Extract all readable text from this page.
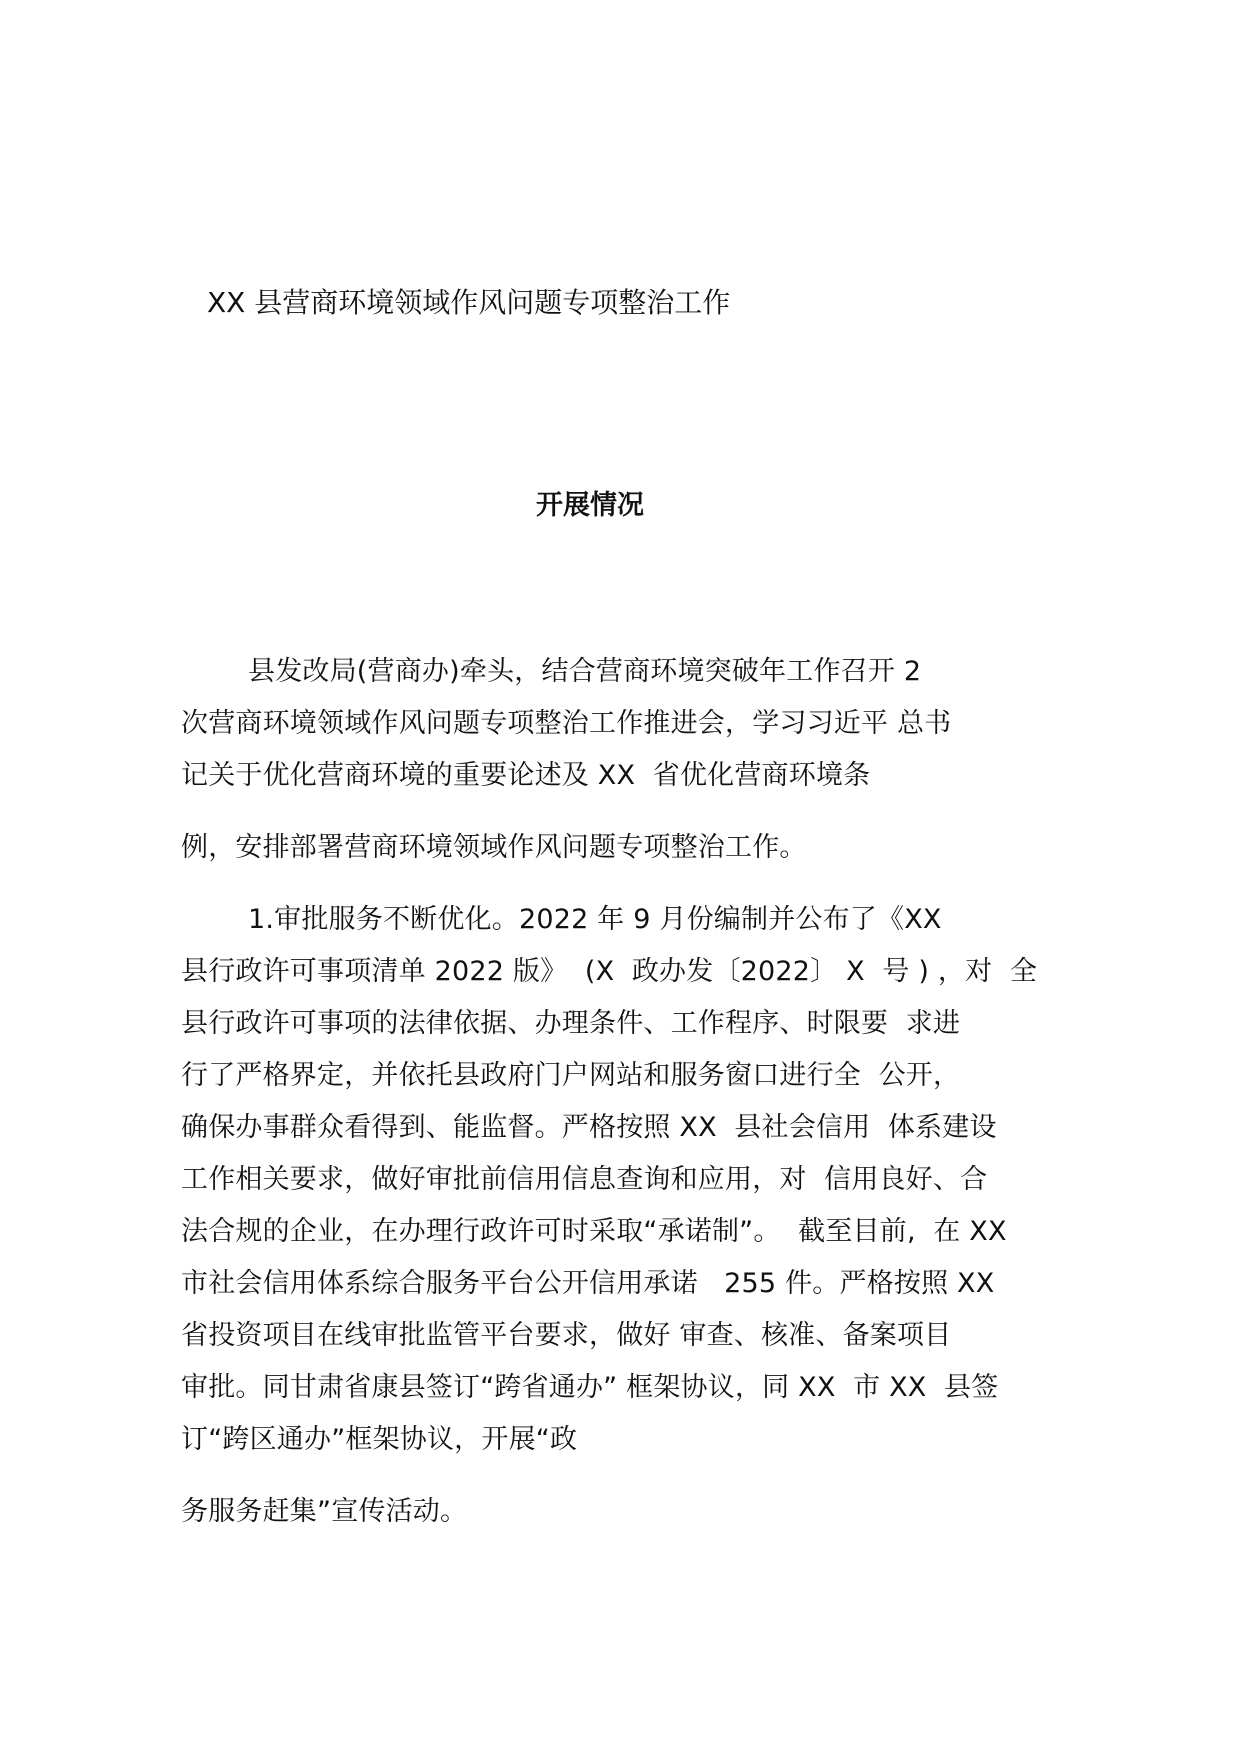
XX 县营商环境领域作风问题专项整治工作
开展情况
县发改局(营商办)牵头，结合营商环境突破年工作召开 2
次营商环境领域作风问题专项整治工作推进会，学习习近平 总书
记关于优化营商环境的重要论述及 XX  省优化营商环境条
例，安排部署营商环境领域作风问题专项整治工作。
1.审批服务不断优化。2022 年 9 月份编制并公布了《XX
县行政许可事项清单 2022 版》  (X  政办发〔2022〕 X  号 ) ，对  全
县行政许可事项的法律依据、办理条件、工作程序、时限要  求进
行了严格界定，并依托县政府门户网站和服务窗口进行全  公开，
确保办事群众看得到、能监督。严格按照 XX  县社会信用  体系建设
工作相关要求，做好审批前信用信息查询和应用，对  信用良好、合
法合规的企业，在办理行政许可时采取“承诺制”。  截至目前,  在 XX
市社会信用体系综合服务平台公开信用承诺   255 件。严格按照 XX
省投资项目在线审批监管平台要求，做好 审查、核准、备案项目
审批。同甘肃省康县签订“跨省通办” 框架协议，同 XX  市 XX  县签
订“跨区通办”框架协议，开展“政
务服务赶集”宣传活动。
